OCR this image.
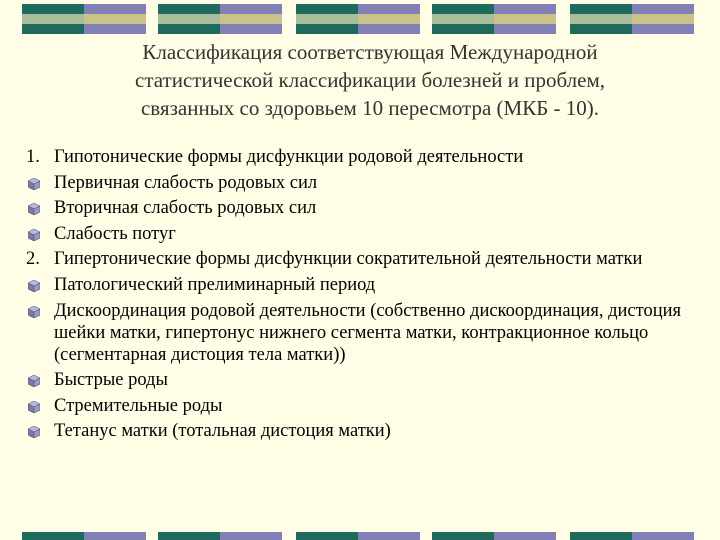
Классификация соответствующая Международной
статистической классификации болезней и проблем,
связанных со здоровьем 10 пересмотра (МКБ - 10).
1. Гипотонические формы дисфункции родовой деятельности
Первичная слабость родовых сил
Вторичная слабость родовых сил
Слабость потуг
2. Гипертонические формы дисфункции сократительной деятельности матки
Патологический прелиминарный период
Дискоординация родовой деятельности (собственно дискоординация, дистоция шейки матки, гипертонус нижнего сегмента матки, контракционное кольцо (сегментарная дистоция тела матки))
Быстрые роды
Стремительные роды
Тетанус матки (тотальная дистоция матки)
